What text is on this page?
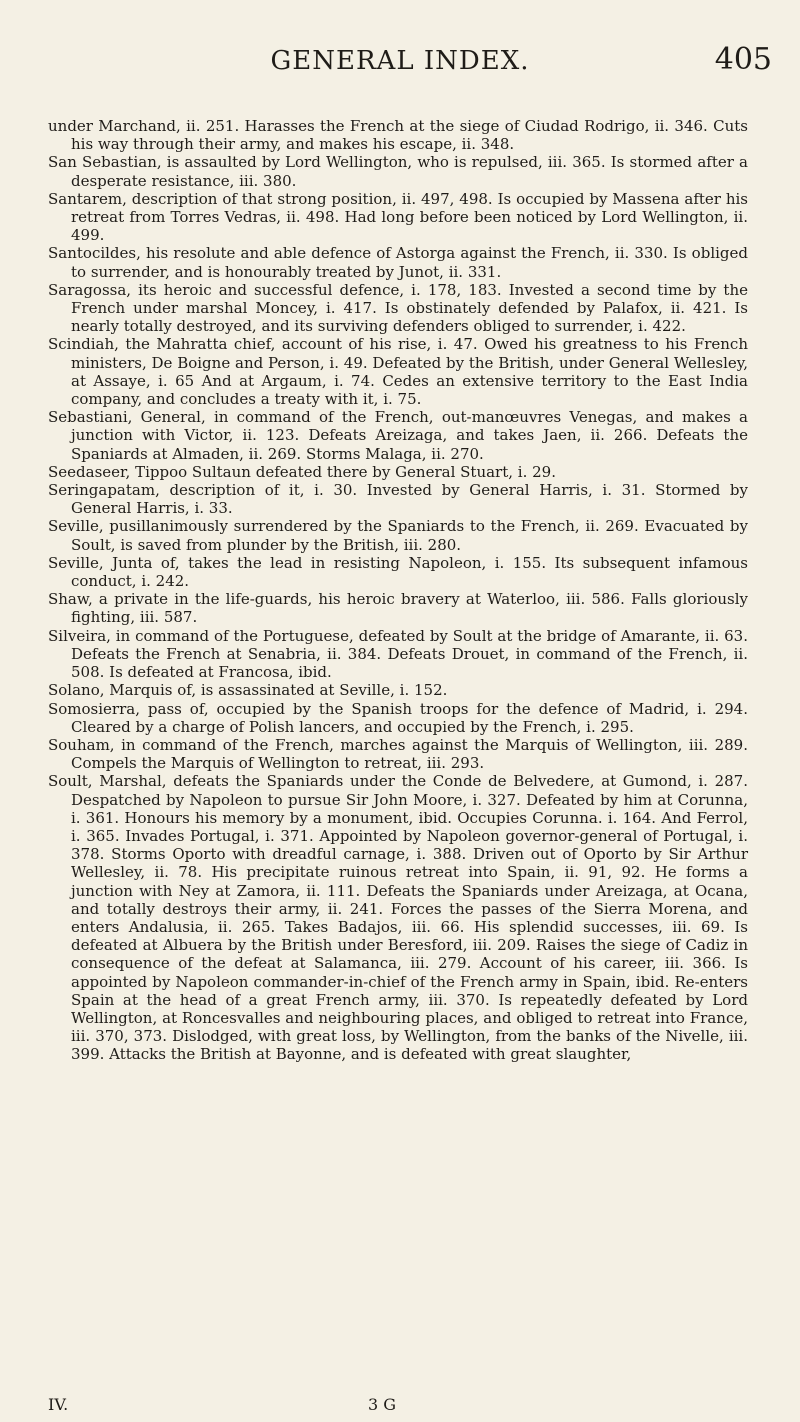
GENERAL INDEX.	405

under Marchand, ii. 251. Harasses the French at the siege of Ciudad Rodrigo, ii. 346. Cuts his way through their army, and makes his escape, ii. 348.

San Sebastian, is assaulted by Lord Wellington, who is repulsed, iii. 365. Is stormed after a desperate resistance, iii. 380.

Santarem, description of that strong position, ii. 497, 498. Is occupied by Massena after his retreat from Torres Vedras, ii. 498. Had long before been noticed by Lord Wellington, ii. 499.

Santocildes, his resolute and able defence of Astorga against the French, ii. 330. Is obliged to surrender, and is honourably treated by Junot, ii. 331.

Saragossa, its heroic and successful defence, i. 178, 183. Invested a second time by the French under marshal Moncey, i. 417. Is obstinately defended by Palafox, ii. 421. Is nearly totally destroyed, and its surviving defenders obliged to surrender, i. 422.

Scindiah, the Mahratta chief, account of his rise, i. 47. Owed his greatness to his French ministers, De Boigne and Person, i. 49. Defeated by the British, under General Wellesley, at Assaye, i. 65 And at Argaum, i. 74. Cedes an extensive territory to the East India company, and concludes a treaty with it, i. 75.

Sebastiani, General, in command of the French, out-manœuvres Venegas, and makes a junction with Victor, ii. 123. Defeats Areizaga, and takes Jaen, ii. 266. Defeats the Spaniards at Almaden, ii. 269. Storms Malaga, ii. 270.

Seedaseer, Tippoo Sultaun defeated there by General Stuart, i. 29.

Seringapatam, description of it, i. 30. Invested by General Harris, i. 31. Stormed by General Harris, i. 33.

Seville, pusillanimously surrendered by the Spaniards to the French, ii. 269. Evacuated by Soult, is saved from plunder by the British, iii. 280.

Seville, Junta of, takes the lead in resisting Napoleon, i. 155. Its subsequent infamous conduct, i. 242.

Shaw, a private in the life-guards, his heroic bravery at Waterloo, iii. 586. Falls gloriously fighting, iii. 587.

Silveira, in command of the Portuguese, defeated by Soult at the bridge of Amarante, ii. 63. Defeats the French at Senabria, ii. 384. Defeats Drouet, in command of the French, ii. 508. Is defeated at Francosa, ibid.

Solano, Marquis of, is assassinated at Seville, i. 152.

Somosierra, pass of, occupied by the Spanish troops for the defence of Madrid, i. 294. Cleared by a charge of Polish lancers, and occupied by the French, i. 295.

Souham, in command of the French, marches against the Marquis of Wellington, iii. 289. Compels the Marquis of Wellington to retreat, iii. 293.

Soult, Marshal, defeats the Spaniards under the Conde de Belvedere, at Gumond, i. 287. Despatched by Napoleon to pursue Sir John Moore, i. 327. Defeated by him at Corunna, i. 361. Honours his memory by a monument, ibid. Occupies Corunna. i. 164. And Ferrol, i. 365. Invades Portugal, i. 371. Appointed by Napoleon governor-general of Portugal, i. 378. Storms Oporto with dreadful carnage, i. 388. Driven out of Oporto by Sir Arthur Wellesley, ii. 78. His precipitate ruinous retreat into Spain, ii. 91, 92. He forms a junction with Ney at Zamora, ii. 111. Defeats the Spaniards under Areizaga, at Ocana, and totally destroys their army, ii. 241. Forces the passes of the Sierra Morena, and enters Andalusia, ii. 265. Takes Badajos, iii. 66. His splendid successes, iii. 69. Is defeated at Albuera by the British under Beresford, iii. 209. Raises the siege of Cadiz in consequence of the defeat at Salamanca, iii. 279. Account of his career, iii. 366. Is appointed by Napoleon commander-in-chief of the French army in Spain, ibid. Re-enters Spain at the head of a great French army, iii. 370. Is repeatedly defeated by Lord Wellington, at Roncesvalles and neighbouring places, and obliged to retreat into France, iii. 370, 373. Dislodged, with great loss, by Wellington, from the banks of the Nivelle, iii. 399. Attacks the British at Bayonne, and is defeated with great slaughter,

IV.	3 G
